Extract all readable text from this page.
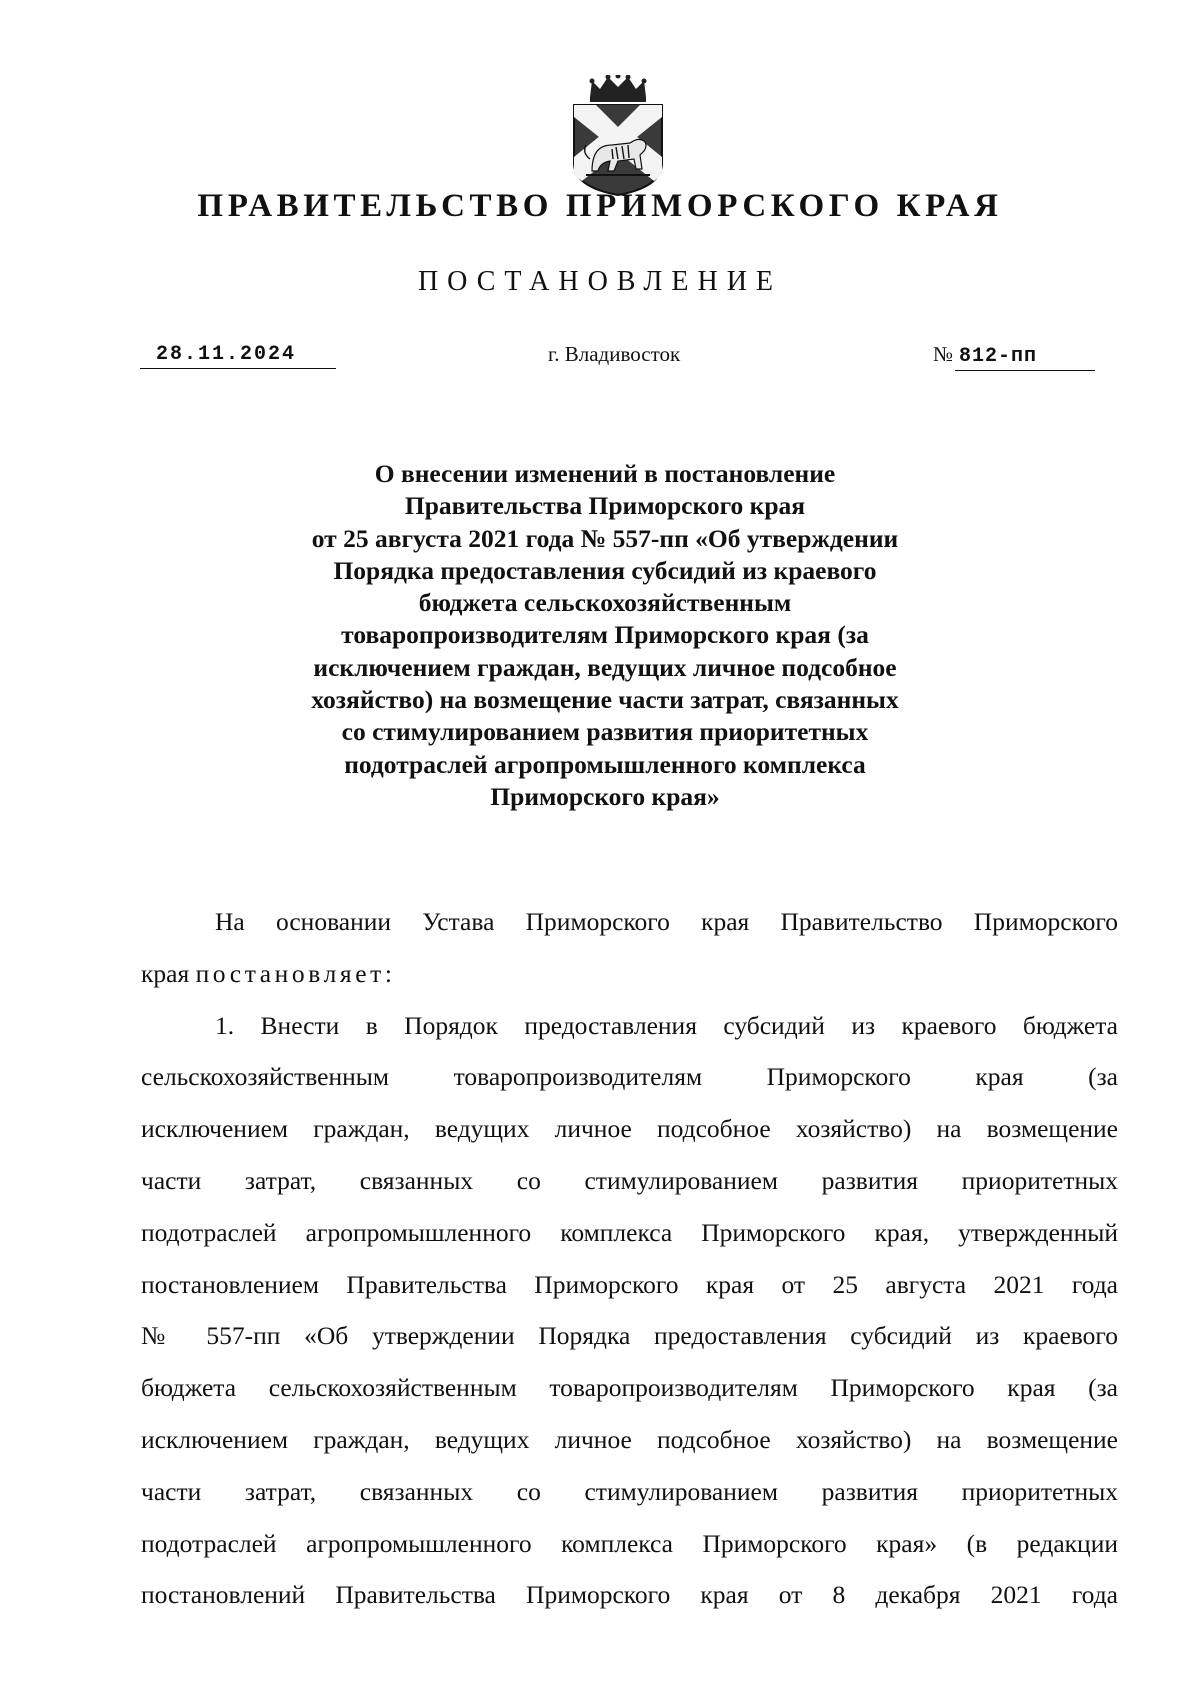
ПРАВИТЕЛЬСТВО ПРИМОРСКОГО КРАЯ
ПОСТАНОВЛЕНИЕ
28.11.2024	г. Владивосток	№ 812-пп
О внесении изменений в постановление
Правительства Приморского края
от 25 августа 2021 года № 557-пп «Об утверждении
Порядка предоставления субсидий из краевого
бюджета сельскохозяйственным
товаропроизводителям Приморского края (за
исключением граждан, ведущих личное подсобное
хозяйство) на возмещение части затрат, связанных
со стимулированием развития приоритетных
подотраслей агропромышленного комплекса
Приморского края»
На основании Устава Приморского края Правительство Приморского
края постановляет:
1. Внести в Порядок предоставления субсидий из краевого бюджета
сельскохозяйственным товаропроизводителям Приморского края (за
исключением граждан, ведущих личное подсобное хозяйство) на возмещение
части затрат, связанных со стимулированием развития приоритетных
подотраслей агропромышленного комплекса Приморского края, утвержденный
постановлением Правительства Приморского края от 25 августа 2021 года
№ 557-пп «Об утверждении Порядка предоставления субсидий из краевого
бюджета сельскохозяйственным товаропроизводителям Приморского края (за
исключением граждан, ведущих личное подсобное хозяйство) на возмещение
части затрат, связанных со стимулированием развития приоритетных
подотраслей агропромышленного комплекса Приморского края» (в редакции
постановлений Правительства Приморского края от 8 декабря 2021 года
